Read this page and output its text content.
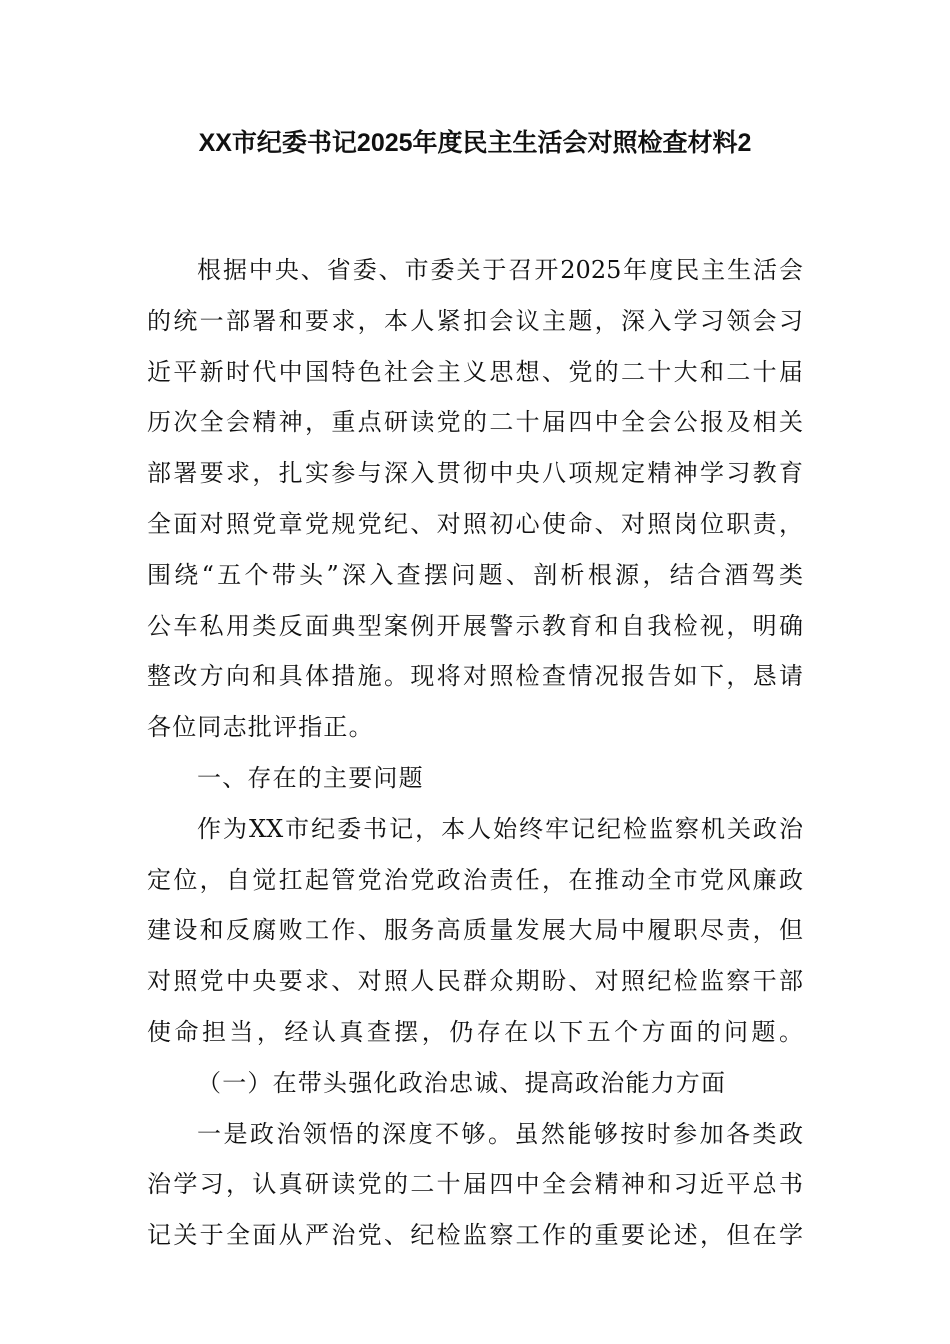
XX市纪委书记2025年度民主生活会对照检查材料2
根据中央、省委、市委关于召开2025年度民主生活会
的统一部署和要求，本人紧扣会议主题，深入学习领会习
近平新时代中国特色社会主义思想、党的二十大和二十届
历次全会精神，重点研读党的二十届四中全会公报及相关
部署要求，扎实参与深入贯彻中央八项规定精神学习教育
全面对照党章党规党纪、对照初心使命、对照岗位职责，
围绕“五个带头”深入查摆问题、剖析根源，结合酒驾类
公车私用类反面典型案例开展警示教育和自我检视，明确
整改方向和具体措施。现将对照检查情况报告如下，恳请
各位同志批评指正。
一、存在的主要问题
作为XX市纪委书记，本人始终牢记纪检监察机关政治
定位，自觉扛起管党治党政治责任，在推动全市党风廉政
建设和反腐败工作、服务高质量发展大局中履职尽责，但
对照党中央要求、对照人民群众期盼、对照纪检监察干部
使命担当，经认真查摆，仍存在以下五个方面的问题。
（一）在带头强化政治忠诚、提高政治能力方面
一是政治领悟的深度不够。虽然能够按时参加各类政
治学习，认真研读党的二十届四中全会精神和习近平总书
记关于全面从严治党、纪检监察工作的重要论述，但在学
